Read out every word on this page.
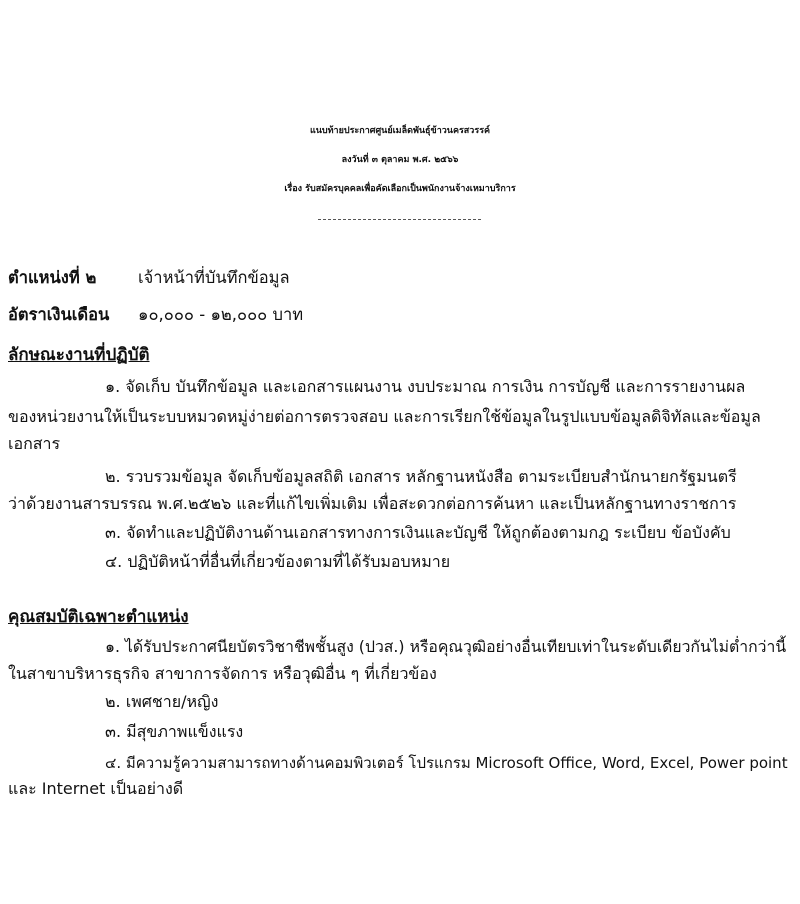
แนบท้ายประกาศศูนย์เมล็ดพันธุ์ข้าวนครสวรรค์
ลงวันที่ ๓ ตุลาคม พ.ศ. ๒๕๖๖
เรื่อง รับสมัครบุคคลเพื่อคัดเลือกเป็นพนักงานจ้างเหมาบริการ
ตำแหน่งที่ ๒	เจ้าหน้าที่บันทึกข้อมูล
อัตราเงินเดือน ๑๐,๐๐๐ - ๑๒,๐๐๐ บาท
ลักษณะงานที่ปฏิบัติ
๑. จัดเก็บ บันทึกข้อมูล และเอกสารแผนงาน งบประมาณ การเงิน การบัญชี และการรายงานผล
ของหน่วยงานให้เป็นระบบหมวดหมู่ง่ายต่อการตรวจสอบ และการเรียกใช้ข้อมูลในรูปแบบข้อมูลดิจิทัลและข้อมูล
เอกสาร
๒. รวบรวมข้อมูล จัดเก็บข้อมูลสถิติ เอกสาร หลักฐานหนังสือ ตามระเบียบสำนักนายกรัฐมนตรี
ว่าด้วยงานสารบรรณ พ.ศ.๒๕๒๖ และที่แก้ไขเพิ่มเติม เพื่อสะดวกต่อการค้นหา และเป็นหลักฐานทางราชการ
๓. จัดทำและปฏิบัติงานด้านเอกสารทางการเงินและบัญชี ให้ถูกต้องตามกฎ ระเบียบ ข้อบังคับ
๔. ปฏิบัติหน้าที่อื่นที่เกี่ยวข้องตามที่ได้รับมอบหมาย
คุณสมบัติเฉพาะตำแหน่ง
๑. ได้รับประกาศนียบัตรวิชาชีพชั้นสูง (ปวส.) หรือคุณวุฒิอย่างอื่นเทียบเท่าในระดับเดียวกันไม่ต่ำกว่านี้
ในสาขาบริหารธุรกิจ สาขาการจัดการ หรือวุฒิอื่น ๆ ที่เกี่ยวข้อง
๒. เพศชาย/หญิง
๓. มีสุขภาพแข็งแรง
๔. มีความรู้ความสามารถทางด้านคอมพิวเตอร์ โปรแกรม Microsoft Office, Word, Excel, Power point
และ Internet เป็นอย่างดี
